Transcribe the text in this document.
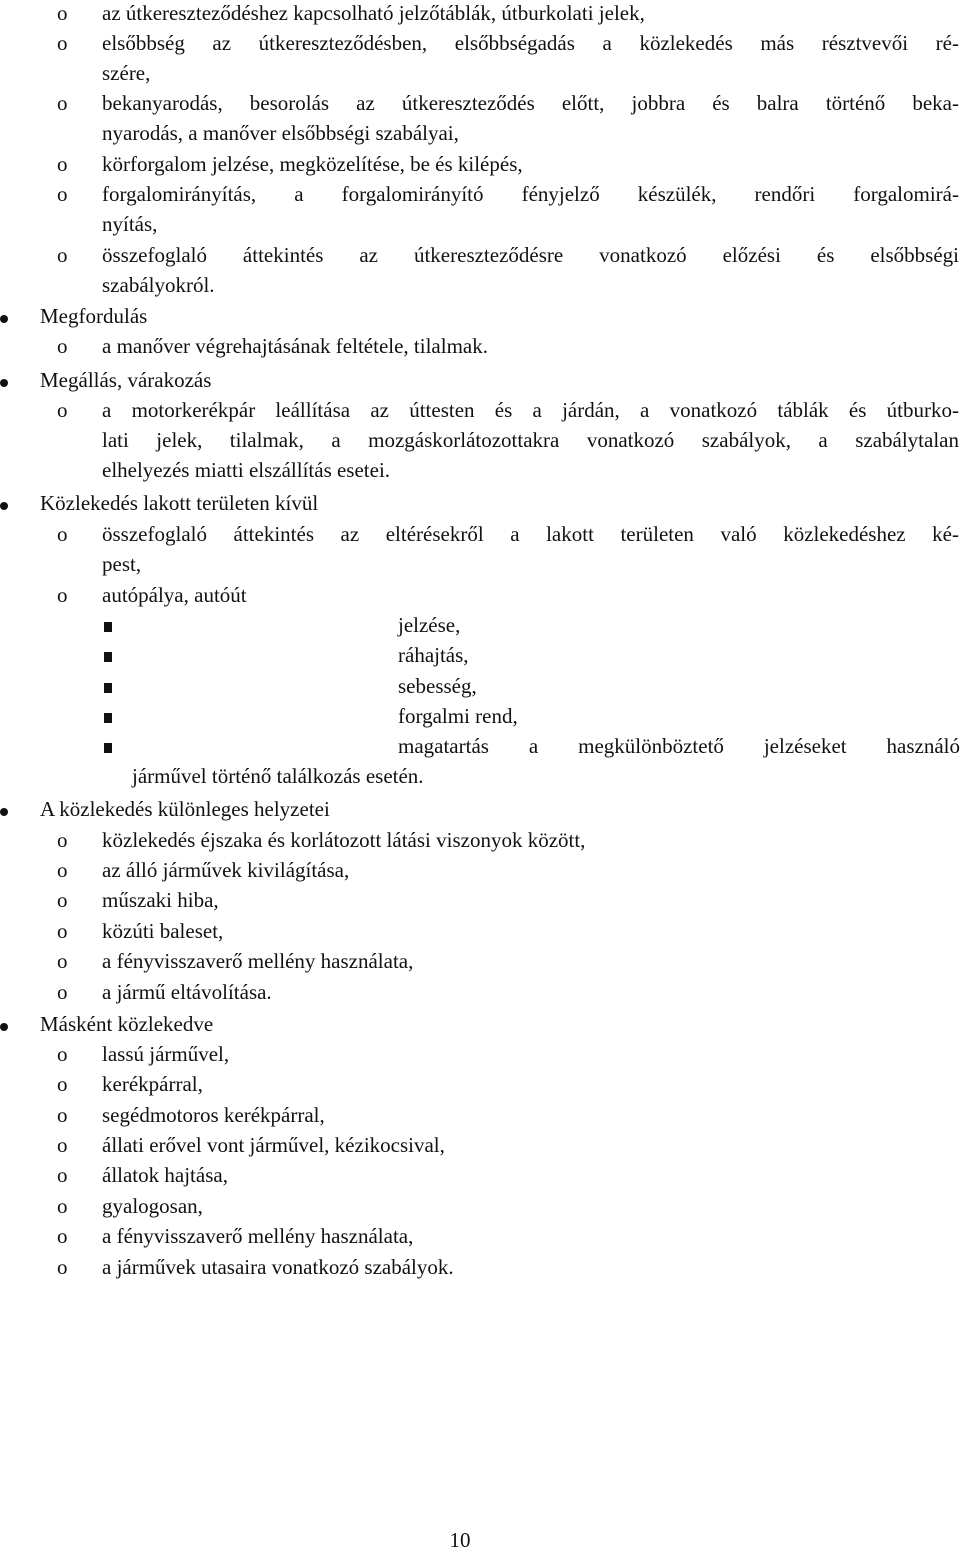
o az útkereszteződéshez kapcsolható jelzőtáblák, útburkolati jelek,
o elsőbbség az útkereszteződésben, elsőbbségadás a közlekedés más résztvevői ré-
szére,
o bekanyarodás, besorolás az útkereszteződés előtt, jobbra és balra történő beka-
nyarodás, a manőver elsőbbségi szabályai,
o körforgalom jelzése, megközelítése, be és kilépés,
o forgalomirányítás, a forgalomirányító fényjelző készülék, rendőri forgalomirá-
nyítás,
o összefoglaló áttekintés az útkereszteződésre vonatkozó előzési és elsőbbségi
szabályokról.
Megfordulás
o a manőver végrehajtásának feltétele, tilalmak.
Megállás, várakozás
o a motorkerékpár leállítása az úttesten és a járdán, a vonatkozó táblák és útburko-
lati jelek, tilalmak, a mozgáskorlátozottakra vonatkozó szabályok, a szabálytalan
elhelyezés miatti elszállítás esetei.
Közlekedés lakott területen kívül
o összefoglaló áttekintés az eltérésekről a lakott területen való közlekedéshez ké-
pest,
o autópálya, autóút
jelzése,
ráhajtás,
sebesség,
forgalmi rend,
magatartás a megkülönböztető jelzéseket használó
járművel történő találkozás esetén.
A közlekedés különleges helyzetei
o közlekedés éjszaka és korlátozott látási viszonyok között,
o az álló járművek kivilágítása,
o műszaki hiba,
o közúti baleset,
o a fényvisszaverő mellény használata,
o a jármű eltávolítása.
Másként közlekedve
o lassú járművel,
o kerékpárral,
o segédmotoros kerékpárral,
o állati erővel vont járművel, kézikocsival,
o állatok hajtása,
o gyalogosan,
o a fényvisszaverő mellény használata,
o a járművek utasaira vonatkozó szabályok.
10
